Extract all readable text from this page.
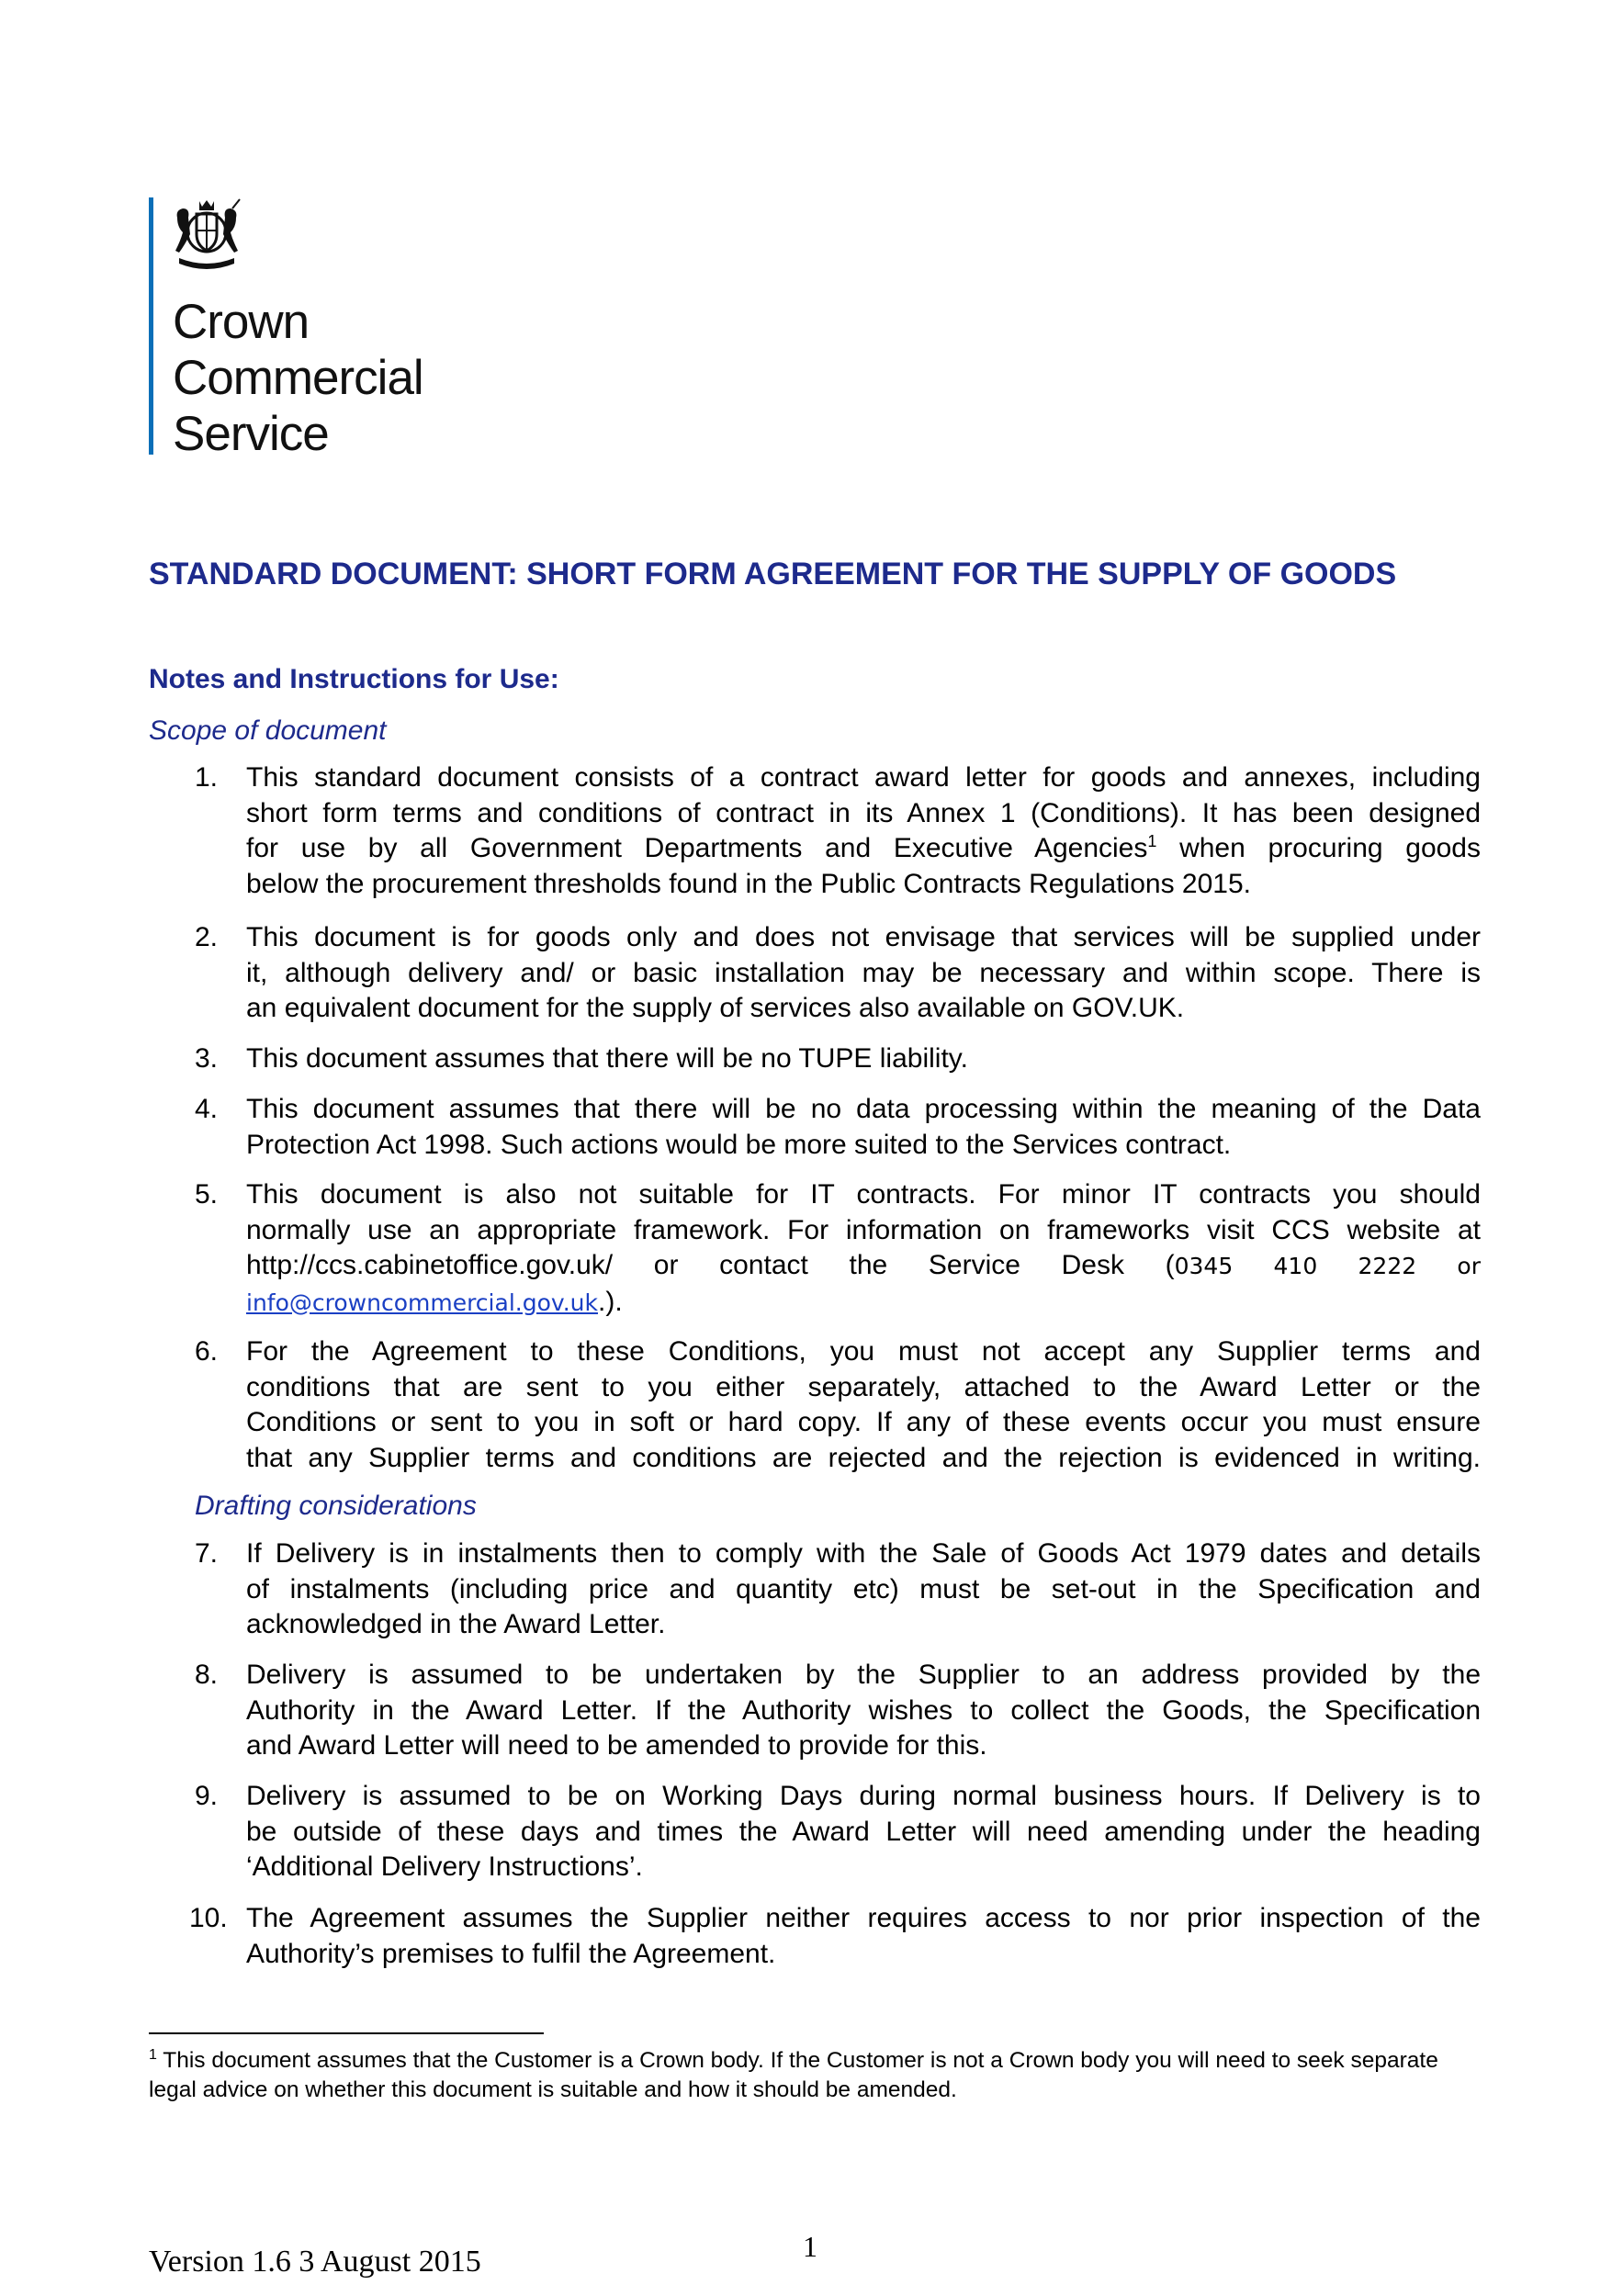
Crown
Commercial
Service
STANDARD DOCUMENT: SHORT FORM AGREEMENT FOR THE SUPPLY OF GOODS
Notes and Instructions for Use:
Scope of document
1.	This standard document consists of a contract award letter for goods and annexes, including
short form terms and conditions of contract in its Annex 1 (Conditions). It has been designed
for use by all Government Departments and Executive Agencies$^1$ when procuring goods
below the procurement thresholds found in the Public Contracts Regulations 2015.
2.	This document is for goods only and does not envisage that services will be supplied under
it, although delivery and/ or basic installation may be necessary and within scope. There is
an equivalent document for the supply of services also available on GOV.UK.
3.	This document assumes that there will be no TUPE liability.
4.	This document assumes that there will be no data processing within the meaning of the Data
Protection Act 1998. Such actions would be more suited to the Services contract.
5.	This document is also not suitable for IT contracts. For minor IT contracts you should
normally use an appropriate framework. For information on frameworks visit CCS website at
http://ccs.cabinetoffice.gov.uk/ or contact the Service Desk (0345 410 2222 or
info@crowncommercial.gov.uk.).
6.	For the Agreement to these Conditions, you must not accept any Supplier terms and
conditions that are sent to you either separately, attached to the Award Letter or the
Conditions or sent to you in soft or hard copy. If any of these events occur you must ensure
that any Supplier terms and conditions are rejected and the rejection is evidenced in writing.
Drafting considerations
7.	If Delivery is in instalments then to comply with the Sale of Goods Act 1979 dates and details
of instalments (including price and quantity etc) must be set-out in the Specification and
acknowledged in the Award Letter.
8.	Delivery is assumed to be undertaken by the Supplier to an address provided by the
Authority in the Award Letter. If the Authority wishes to collect the Goods, the Specification
and Award Letter will need to be amended to provide for this.
9.	Delivery is assumed to be on Working Days during normal business hours. If Delivery is to
be outside of these days and times the Award Letter will need amending under the heading
‘Additional Delivery Instructions’.
10. The Agreement assumes the Supplier neither requires access to nor prior inspection of the
Authority’s premises to fulfil the Agreement.
$^1$ This document assumes that the Customer is a Crown body. If the Customer is not a Crown body you will need to seek separate legal advice on whether this document is suitable and how it should be amended.
1
Version 1.6 3 August 2015
